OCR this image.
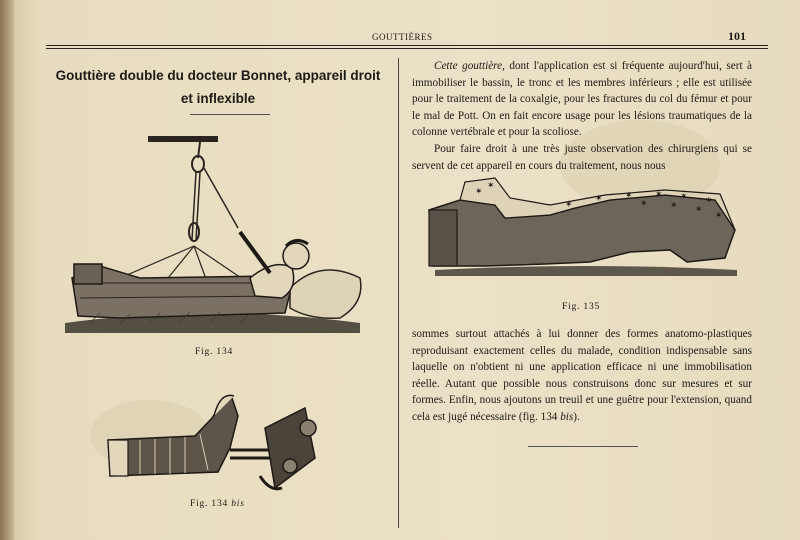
GOUTTIÈRES	101
Gouttière double du docteur Bonnet, appareil droit et inflexible
Fig. 134
Fig. 134 bis

Cette gouttière, dont l'application est si fréquente aujourd'hui, sert à immobiliser le bassin, le tronc et les membres inférieurs ; elle est utilisée pour le traitement de la coxalgie, pour les fractures du col du fémur et pour le mal de Pott. On en fait encore usage pour les lésions traumatiques de la colonne vertébrale et pour la scoliose.

Pour faire droit à une très juste observation des chirurgiens qui se servent de cet appareil en cours du traitement, nous nous

✶
✶
✶
✶ ✶ ✶ ✶ ✶
✶
✶ ✶ ✶
Fig. 135
sommes surtout attachés à lui donner des formes anatomo-plastiques reproduisant exactement celles du malade, condition indispensable sans laquelle on n'obtient ni une application efficace ni une immobilisation réelle. Autant que possible nous construisons donc sur mesures et sur formes. Enfin, nous ajoutons un treuil et une guêtre pour l'extension, quand cela est jugé nécessaire (fig. 134 bis).
